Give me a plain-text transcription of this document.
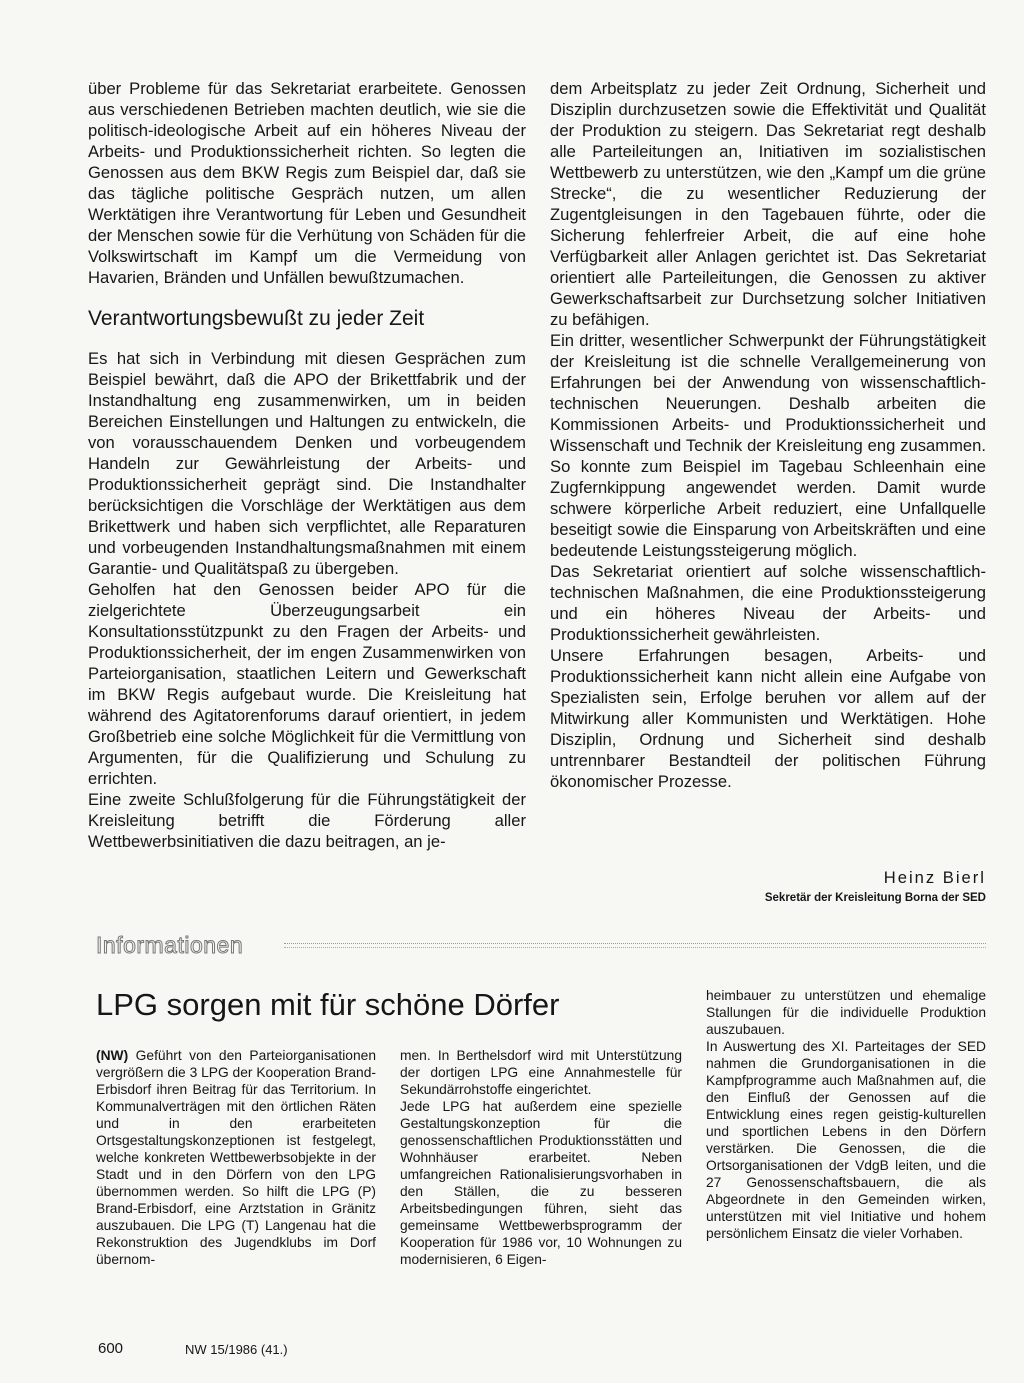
über Probleme für das Sekretariat erarbeitete. Genossen aus verschiedenen Betrieben machten deutlich, wie sie die politisch-ideologische Arbeit auf ein höheres Niveau der Arbeits- und Produktionssicherheit richten. So legten die Genossen aus dem BKW Regis zum Beispiel dar, daß sie das tägliche politische Gespräch nutzen, um allen Werktätigen ihre Verantwortung für Leben und Gesundheit der Menschen sowie für die Verhütung von Schäden für die Volkswirtschaft im Kampf um die Vermeidung von Havarien, Bränden und Unfällen bewußtzumachen.

Verantwortungsbewußt zu jeder Zeit

Es hat sich in Verbindung mit diesen Gesprächen zum Beispiel bewährt, daß die APO der Brikettfabrik und der Instandhaltung eng zusammenwirken, um in beiden Bereichen Einstellungen und Haltungen zu entwickeln, die von vorausschauendem Denken und vorbeugendem Handeln zur Gewährleistung der Arbeits- und Produktionssicherheit geprägt sind. Die Instandhalter berücksichtigen die Vorschläge der Werktätigen aus dem Brikettwerk und haben sich verpflichtet, alle Reparaturen und vorbeugenden Instandhaltungsmaßnahmen mit einem Garantie- und Qualitätspaß zu übergeben.

Geholfen hat den Genossen beider APO für die zielgerichtete Überzeugungsarbeit ein Konsultationsstützpunkt zu den Fragen der Arbeits- und Produktionssicherheit, der im engen Zusammenwirken von Parteiorganisation, staatlichen Leitern und Gewerkschaft im BKW Regis aufgebaut wurde. Die Kreisleitung hat während des Agitatorenforums darauf orientiert, in jedem Großbetrieb eine solche Möglichkeit für die Vermittlung von Argumenten, für die Qualifizierung und Schulung zu errichten.

Eine zweite Schlußfolgerung für die Führungstätigkeit der Kreisleitung betrifft die Förderung aller Wettbewerbsinitiativen die dazu beitragen, an je-

dem Arbeitsplatz zu jeder Zeit Ordnung, Sicherheit und Disziplin durchzusetzen sowie die Effektivität und Qualität der Produktion zu steigern. Das Sekretariat regt deshalb alle Parteileitungen an, Initiativen im sozialistischen Wettbewerb zu unterstützen, wie den „Kampf um die grüne Strecke“, die zu wesentlicher Reduzierung der Zugentgleisungen in den Tagebauen führte, oder die Sicherung fehlerfreier Arbeit, die auf eine hohe Verfügbarkeit aller Anlagen gerichtet ist. Das Sekretariat orientiert alle Parteileitungen, die Genossen zu aktiver Gewerkschaftsarbeit zur Durchsetzung solcher Initiativen zu befähigen.

Ein dritter, wesentlicher Schwerpunkt der Führungstätigkeit der Kreisleitung ist die schnelle Verallgemeinerung von Erfahrungen bei der Anwendung von wissenschaftlich-technischen Neuerungen. Deshalb arbeiten die Kommissionen Arbeits- und Produktionssicherheit und Wissenschaft und Technik der Kreisleitung eng zusammen. So konnte zum Beispiel im Tagebau Schleenhain eine Zugfernkippung angewendet werden. Damit wurde schwere körperliche Arbeit reduziert, eine Unfallquelle beseitigt sowie die Einsparung von Arbeitskräften und eine bedeutende Leistungssteigerung möglich.

Das Sekretariat orientiert auf solche wissenschaftlich-technischen Maßnahmen, die eine Produktionssteigerung und ein höheres Niveau der Arbeits- und Produktionssicherheit gewährleisten.

Unsere Erfahrungen besagen, Arbeits- und Produktionssicherheit kann nicht allein eine Aufgabe von Spezialisten sein, Erfolge beruhen vor allem auf der Mitwirkung aller Kommunisten und Werktätigen. Hohe Disziplin, Ordnung und Sicherheit sind deshalb untrennbarer Bestandteil der politischen Führung ökonomischer Prozesse.

Heinz Bierl
Sekretär der Kreisleitung Borna der SED
Informationen
LPG sorgen mit für schöne Dörfer

(NW) Geführt von den Parteiorganisationen vergrößern die 3 LPG der Kooperation Brand-Erbisdorf ihren Beitrag für das Territorium. In Kommunalverträgen mit den örtlichen Räten und in den erarbeiteten Ortsgestaltungskonzeptionen ist festgelegt, welche konkreten Wettbewerbsobjekte in der Stadt und in den Dörfern von den LPG übernommen werden. So hilft die LPG (P) Brand-Erbisdorf, eine Arztstation in Gränitz auszubauen. Die LPG (T) Langenau hat die Rekonstruktion des Jugendklubs im Dorf übernom-

men. In Berthelsdorf wird mit Unterstützung der dortigen LPG eine Annahmestelle für Sekundärrohstoffe eingerichtet.

Jede LPG hat außerdem eine spezielle Gestaltungskonzeption für die genossenschaftlichen Produktionsstätten und Wohnhäuser erarbeitet. Neben umfangreichen Rationalisierungsvorhaben in den Ställen, die zu besseren Arbeitsbedingungen führen, sieht das gemeinsame Wettbewerbsprogramm der Kooperation für 1986 vor, 10 Wohnungen zu modernisieren, 6 Eigen-

heimbauer zu unterstützen und ehemalige Stallungen für die individuelle Produktion auszubauen.

In Auswertung des XI. Parteitages der SED nahmen die Grundorganisationen in die Kampfprogramme auch Maßnahmen auf, die den Einfluß der Genossen auf die Entwicklung eines regen geistig-kulturellen und sportlichen Lebens in den Dörfern verstärken. Die Genossen, die die Ortsorganisationen der VdgB leiten, und die 27 Genossenschaftsbauern, die als Abgeordnete in den Gemeinden wirken, unterstützen mit viel Initiative und hohem persönlichem Einsatz die vieler Vorhaben.

600	NW 15/1986 (41.)
